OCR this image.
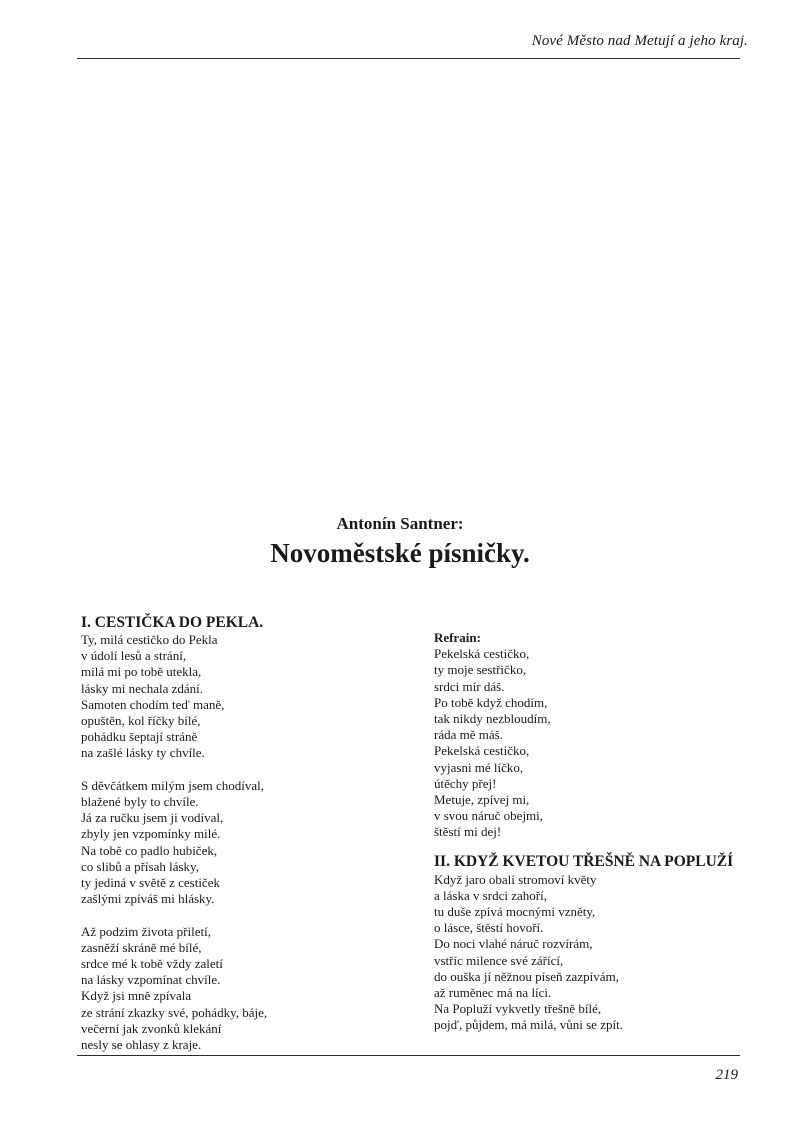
Nové Město nad Metují a jeho kraj.
Antonín Santner:
Novoměstské písničky.
I. CESTIČKA DO PEKLA.
Ty, milá cestičko do Pekla
v údolí lesů a strání,
milá mi po tobě utekla,
lásky mi nechala zdání.
Samoten chodím teď maně,
opuštěn, kol říčky bílé,
pohádku šeptají stráně
na zašlé lásky ty chvíle.
S děvčátkem milým jsem chodíval,
blažené byly to chvíle.
Já za ručku jsem ji vodíval,
zbyly jen vzpomínky milé.
Na tobě co padlo hubiček,
co slibů a přísah lásky,
ty jediná v světě z cestiček
zašlými zpíváš mi hlásky.
Až podzim života přiletí,
zasněží skráně mé bílé,
srdce mé k tobě vždy zaletí
na lásky vzpomínat chvíle.
Když jsi mně zpívala
ze strání zkazky své, pohádky, báje,
večerní jak zvonků klekání
nesly se ohlasy z kraje.
Refrain:
Pekelská cestičko,
ty moje sestřičko,
srdci mír dáš.
Po tobě když chodím,
tak nikdy nezbloudím,
ráda mě máš.
Pekelská cestičko,
vyjasni mé líčko,
útěchy přej!
Metuje, zpívej mi,
v svou náruč obejmi,
štěstí mi dej!
II. KDYŽ KVETOU TŘEŠNĚ NA POPLUŽÍ
Když jaro obalí stromoví květy
a láska v srdci zahoří,
tu duše zpívá mocnými vzněty,
o lásce, štěstí hovoří.
Do noci vlahé náruč rozvírám,
vstříc milence své zářící,
do ouška jí něžnou píseň zazpívám,
až ruměnec má na líci.
Na Popluží vykvetly třešně bílé,
pojď, půjdem, má milá, vůni se zpít.
219
